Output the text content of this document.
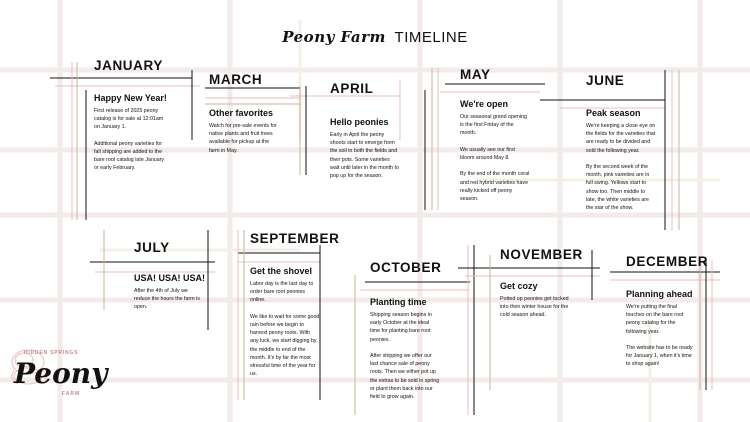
Peony Farm TIMELINE
JANUARY
Happy New Year!
First release of 2025 peony catalog is for sale at 12:01am on January 1.

Additional peony varieties for fall shipping are added to the bare root catalog late January or early February.
MARCH
Other favorites
Watch for pre-sale events for native plants and fruit trees available for pickup at the farm in May.
APRIL
Hello peonies
Early in April the peony shoots start to emerge from the soil in both the fields and their pots. Some varieties wait until later in the month to pop up for the season.
MAY
We're open
Our seasonal grand opening is the first Friday of the month.

We usually see our first bloom around May 8.

By the end of the month coral and red hybrid varieties have really kicked off peony season.
JUNE
Peak season
We're keeping a close eye on the fields for the varieties that are ready to be divided and sold the following year.

By the second week of the month, pink varieties are in full swing. Yellows start to show too. Then middle to late, the white varieties are the star of the show.
JULY
USA! USA! USA!
After the 4th of July we reduce the hours the farm is open.
SEPTEMBER
Get the shovel
Labor day is the last day to order bare root peonies online.

We like to wait for some good rain before we begin to harvest peony roots. With any luck, we start digging by the middle to end of the month. It's by far the most stressful time of the year for us.
OCTOBER
Planting time
Shipping season begins in early October at the ideal time for planting bare root peonies.

After shipping we offer our last chance sale of peony roots. Then we either pot up the extras to be sold in spring or plant them back into our field to grow again.
NOVEMBER
Get cozy
Potted up peonies get tucked into their winter house for the cold season ahead.
DECEMBER
Planning ahead
We're putting the final touches on the bare root peony catalog for the following year.

The website has to be ready for January 1, when it's time to shop again!
HIDDEN SPRINGS
Peony
FARM
